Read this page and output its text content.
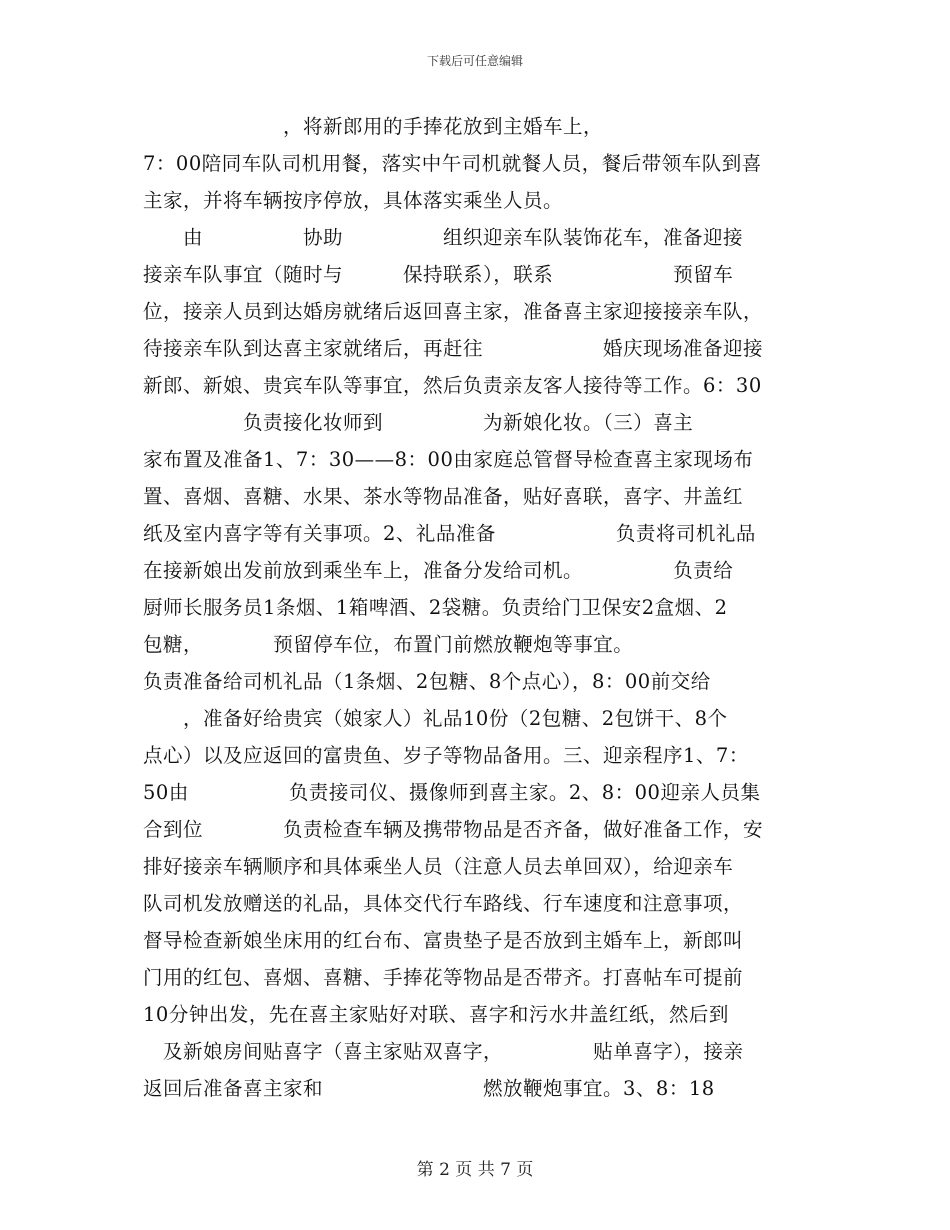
下载后可任意编辑
　　　　　　　，将新郎用的手捧花放到主婚车上，
7：00陪同车队司机用餐，落实中午司机就餐人员，餐后带领车队到喜
主家，并将车辆按序停放，具体落实乘坐人员。
　　由　　　　　协助　　　　　组织迎亲车队装饰花车，准备迎接
接亲车队事宜（随时与　　　保持联系），联系　　　　　　预留车
位，接亲人员到达婚房就绪后返回喜主家，准备喜主家迎接接亲车队，
待接亲车队到达喜主家就绪后，再赶往　　　　　　婚庆现场准备迎接
新郎、新娘、贵宾车队等事宜，然后负责亲友客人接待等工作。6：30
　　　　　负责接化妆师到　　　　　为新娘化妆。（三）喜主
家布置及准备1、7：30——8：00由家庭总管督导检查喜主家现场布
置、喜烟、喜糖、水果、茶水等物品准备，贴好喜联，喜字、井盖红
纸及室内喜字等有关事项。2、礼品准备　　　　　　负责将司机礼品
在接新娘出发前放到乘坐车上，准备分发给司机。　　　　　负责给
厨师长服务员1条烟、1箱啤酒、2袋糖。负责给门卫保安2盒烟、2
包糖，　　　　预留停车位，布置门前燃放鞭炮等事宜。
负责准备给司机礼品（1条烟、2包糖、8个点心），8：00前交给
　　，准备好给贵宾（娘家人）礼品10份（2包糖、2包饼干、8个
点心）以及应返回的富贵鱼、岁子等物品备用。三、迎亲程序1、7：
50由　　　　　负责接司仪、摄像师到喜主家。2、8：00迎亲人员集
合到位　　　　负责检查车辆及携带物品是否齐备，做好准备工作，安
排好接亲车辆顺序和具体乘坐人员（注意人员去单回双），给迎亲车
队司机发放赠送的礼品，具体交代行车路线、行车速度和注意事项，
督导检查新娘坐床用的红台布、富贵垫子是否放到主婚车上，新郎叫
门用的红包、喜烟、喜糖、手捧花等物品是否带齐。打喜帖车可提前
10分钟出发，先在喜主家贴好对联、喜字和污水井盖红纸，然后到
　及新娘房间贴喜字（喜主家贴双喜字，　　　　　贴单喜字），接亲
返回后准备喜主家和　　　　　　　　燃放鞭炮事宜。3、8：18
第 2 页 共 7 页
